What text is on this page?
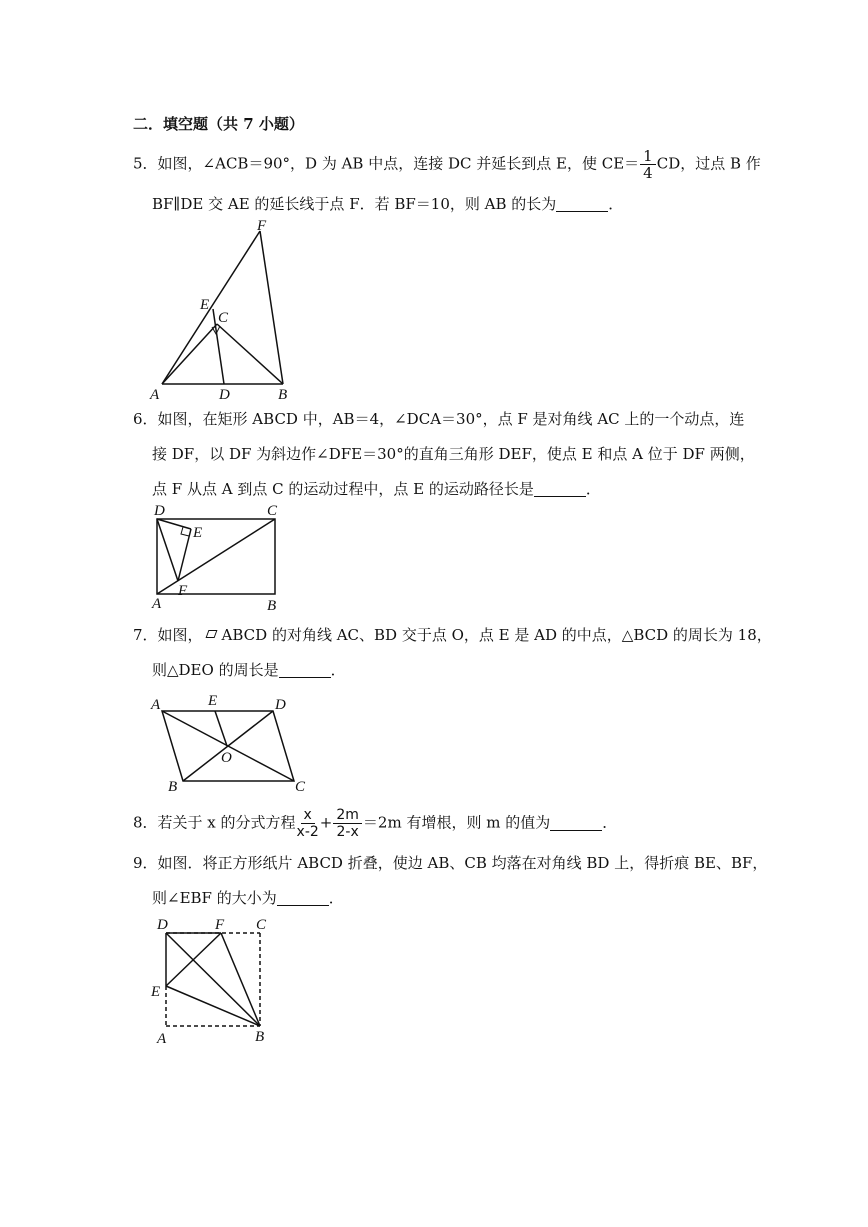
二．填空题（共 7 小题）
5．如图，∠ACB＝90°，D 为 AB 中点，连接 DC 并延长到点 E，使 $CE= \frac{1}{4}$ CD，过点 B 作
BF∥DE 交 AE 的延长线于点 F．若 BF＝10，则 AB 的长为	．
F
E
C
A	D	B
6．如图，在矩形 ABCD 中，AB＝4，∠DCA＝30°，点 F 是对角线 AC 上的一个动点，连
接 DF，以 DF 为斜边作∠DFE＝30°的直角三角形 DEF，使点 E 和点 A 位于 DF 两侧，
点 F 从点 A 到点 C 的运动过程中，点 E 的运动路径长是	．
D	C
E
F
A	B
7．如图， ABCD 的对角线 AC、BD 交于点 O，点 E 是 AD 的中点，△BCD 的周长为 18，
则△DEO 的周长是	．
A	E	D
O
B	C
8．若关于 x 的分式方程 $\frac{x}{x-2} + \frac{2m}{2-x} =2m$ 有增根，则 m 的值为	．
9．如图．将正方形纸片 ABCD 折叠，使边 AB、CB 均落在对角线 BD 上，得折痕 BE、BF，
则∠EBF 的大小为	．
D	F C
E
A	B
